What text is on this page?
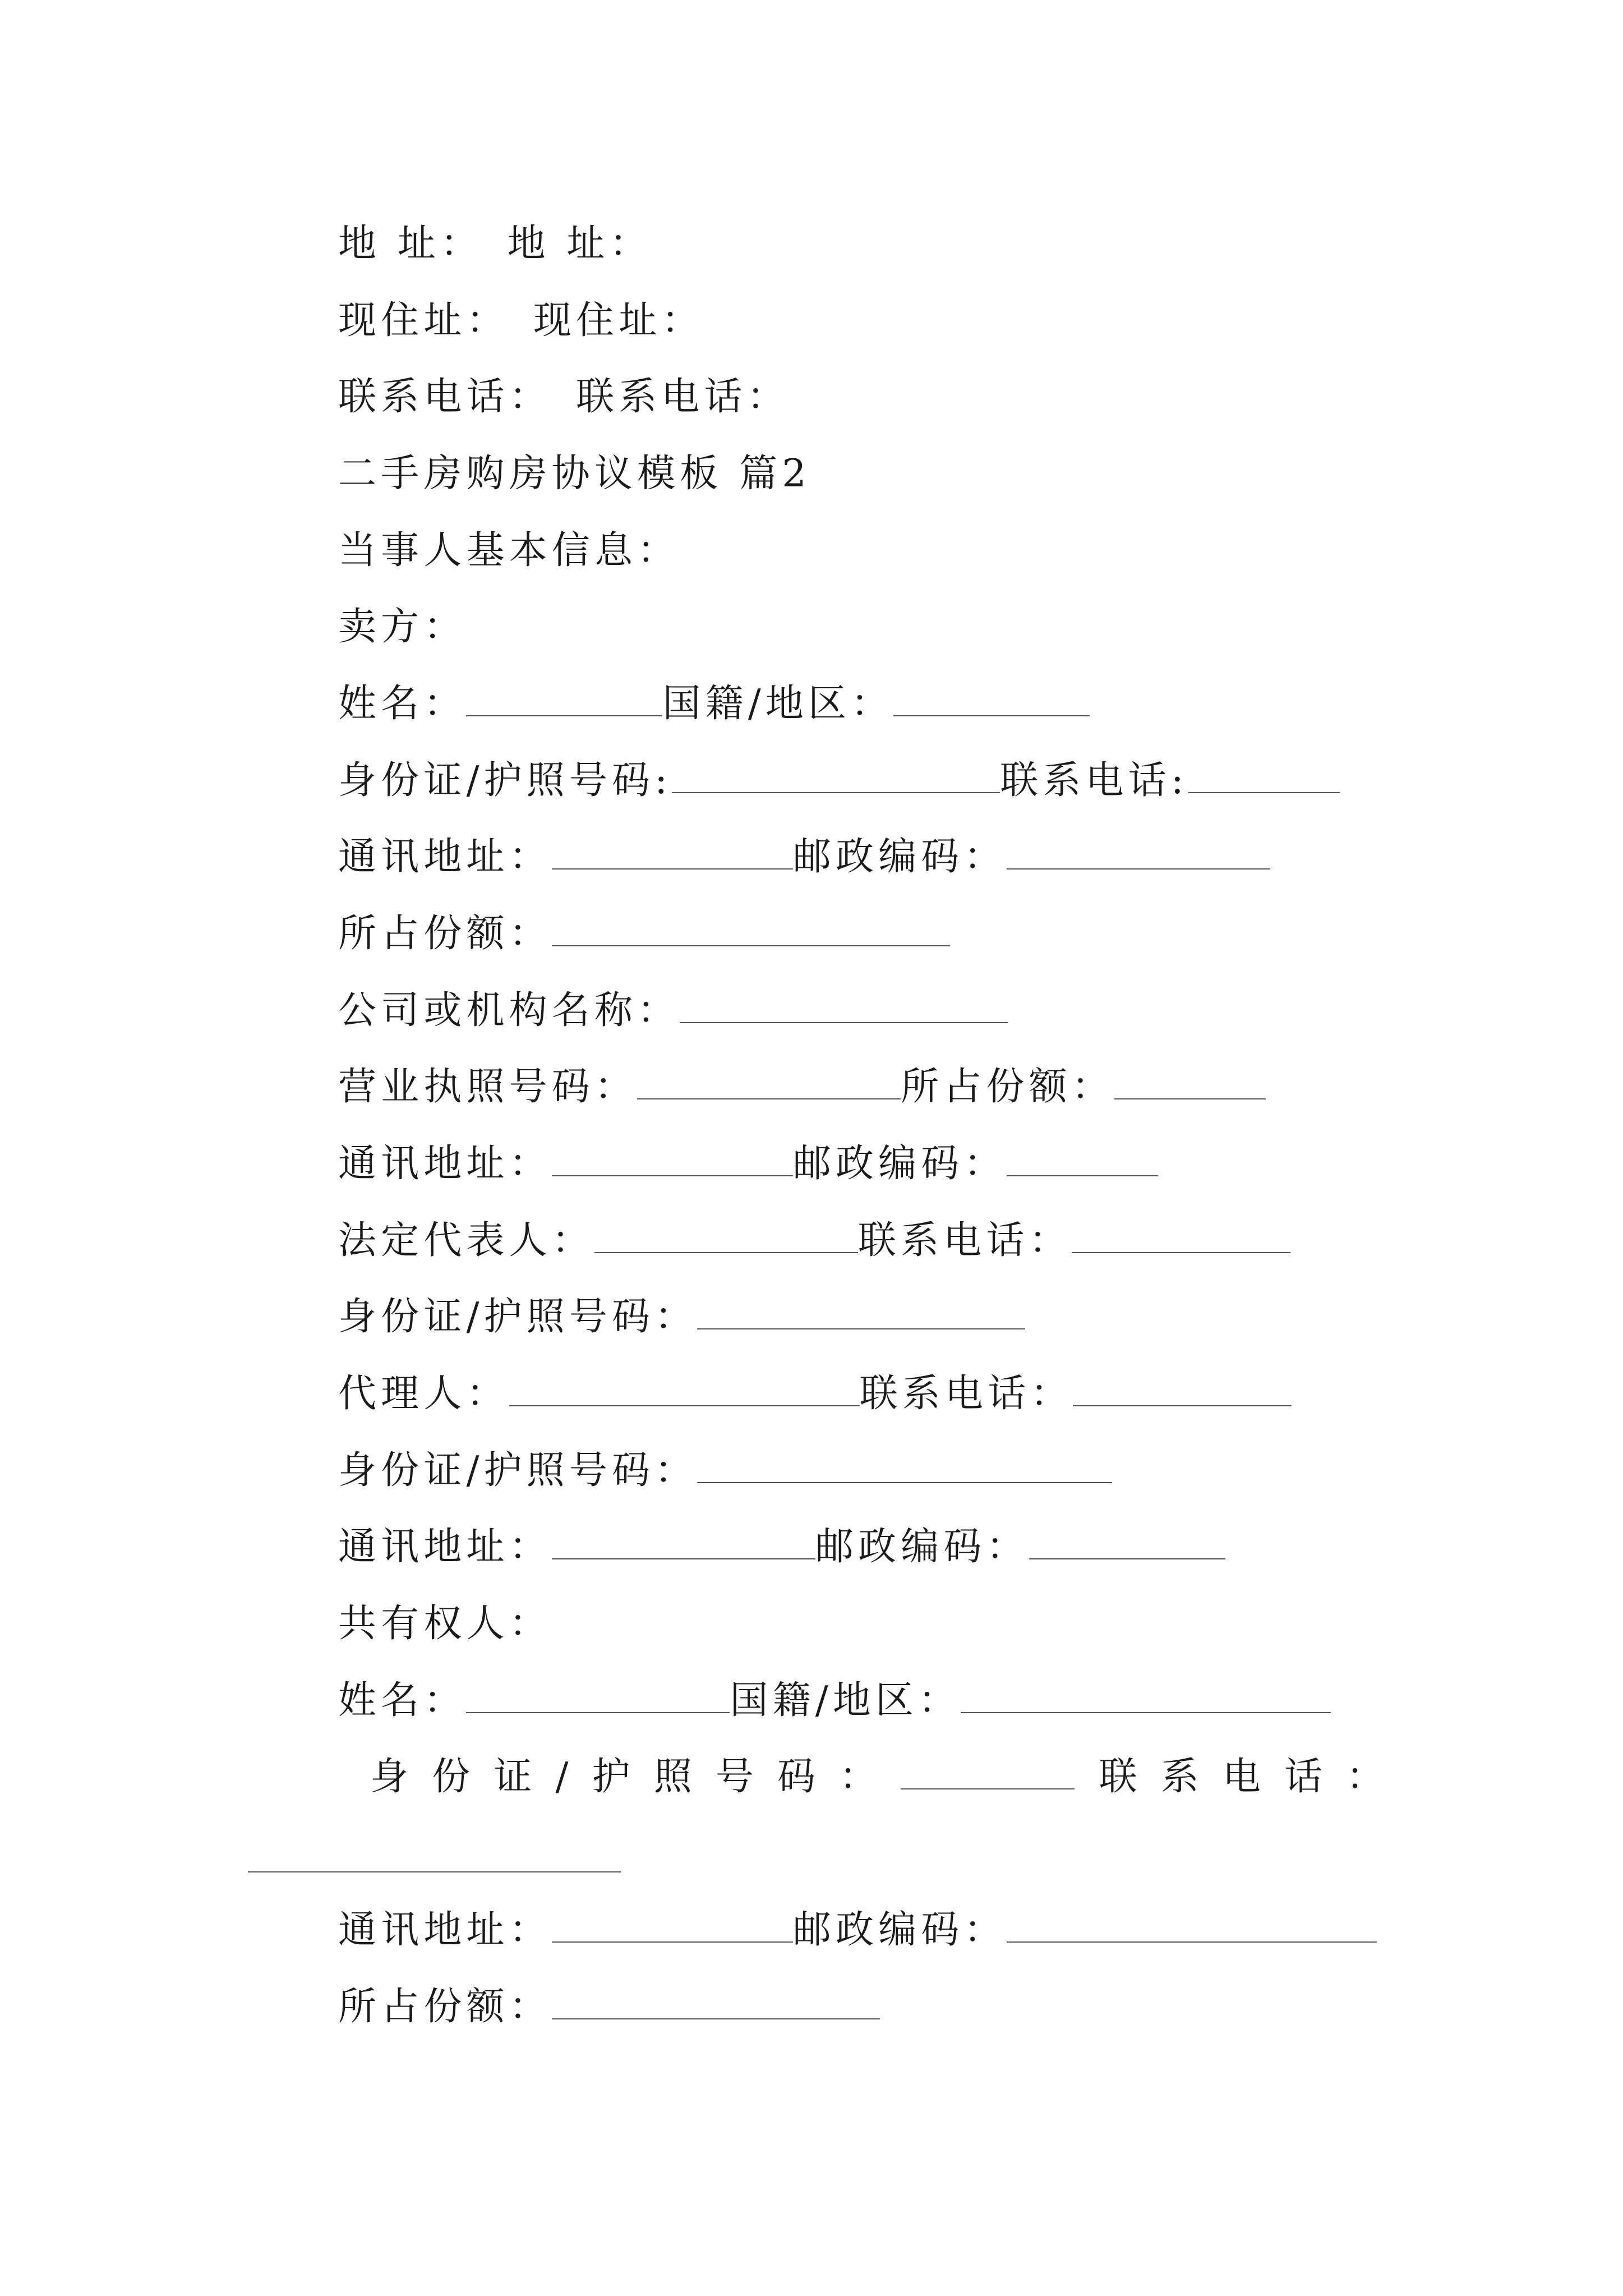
地 址： 地 址：
现住址： 现住址：
联系电话： 联系电话：
二手房购房协议模板 篇2
当事人基本信息：
卖方：
姓名：	国籍/地区：
身份证/护照号码:	联系电话:
通讯地址：	邮政编码：
所占份额：
公司或机构名称：
营业执照号码：	所占份额：
通讯地址：	邮政编码：
法定代表人：	联系电话：
身份证/护照号码：
代理人：	联系电话：
身份证/护照号码：
通讯地址：	邮政编码：
共有权人：
姓名：	国籍/地区：
身份证/护照号码：	联系电话：
通讯地址：	邮政编码：
所占份额：
